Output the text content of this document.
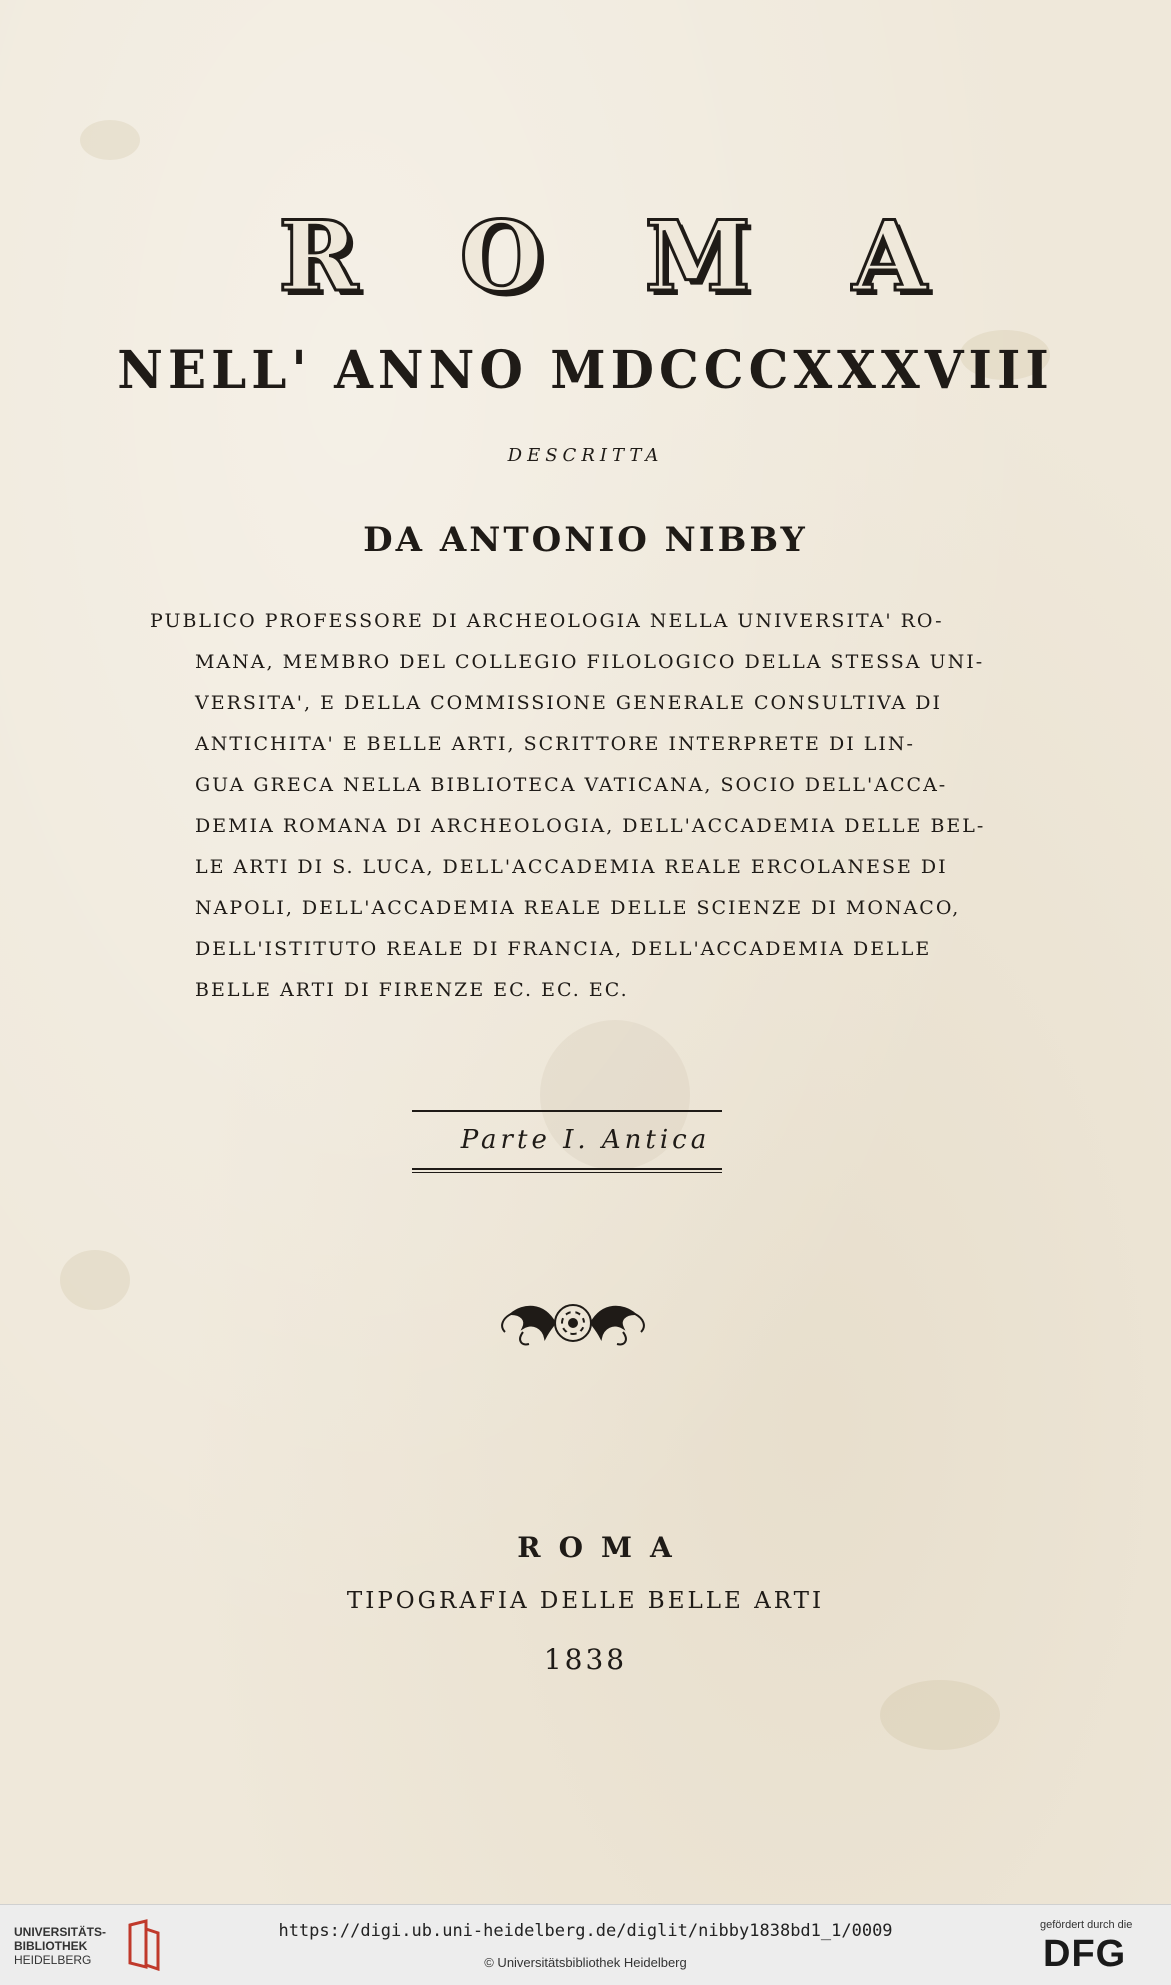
R O M A
NELL' ANNO MDCCCXXXVIII
DESCRITTA
DA ANTONIO NIBBY
PUBLICO PROFESSORE DI ARCHEOLOGIA NELLA UNIVERSITA' RO-
MANA, MEMBRO DEL COLLEGIO FILOLOGICO DELLA STESSA UNI-
VERSITA', E DELLA COMMISSIONE GENERALE CONSULTIVA DI
ANTICHITA' E BELLE ARTI, SCRITTORE INTERPRETE DI LIN-
GUA GRECA NELLA BIBLIOTECA VATICANA, SOCIO DELL'ACCA-
DEMIA ROMANA DI ARCHEOLOGIA, DELL'ACCADEMIA DELLE BEL-
LE ARTI DI S. LUCA, DELL'ACCADEMIA REALE ERCOLANESE DI
NAPOLI, DELL'ACCADEMIA REALE DELLE SCIENZE DI MONACO,
DELL'ISTITUTO REALE DI FRANCIA, DELL'ACCADEMIA DELLE
BELLE ARTI DI FIRENZE EC. EC. EC.
Parte I. Antica
ROMA
TIPOGRAFIA DELLE BELLE ARTI
1838
UNIVERSITÄTS-
BIBLIOTHEK
HEIDELBERG
https://digi.ub.uni-heidelberg.de/diglit/nibby1838bd1_1/0009
© Universitätsbibliothek Heidelberg
gefördert durch die
DFG
